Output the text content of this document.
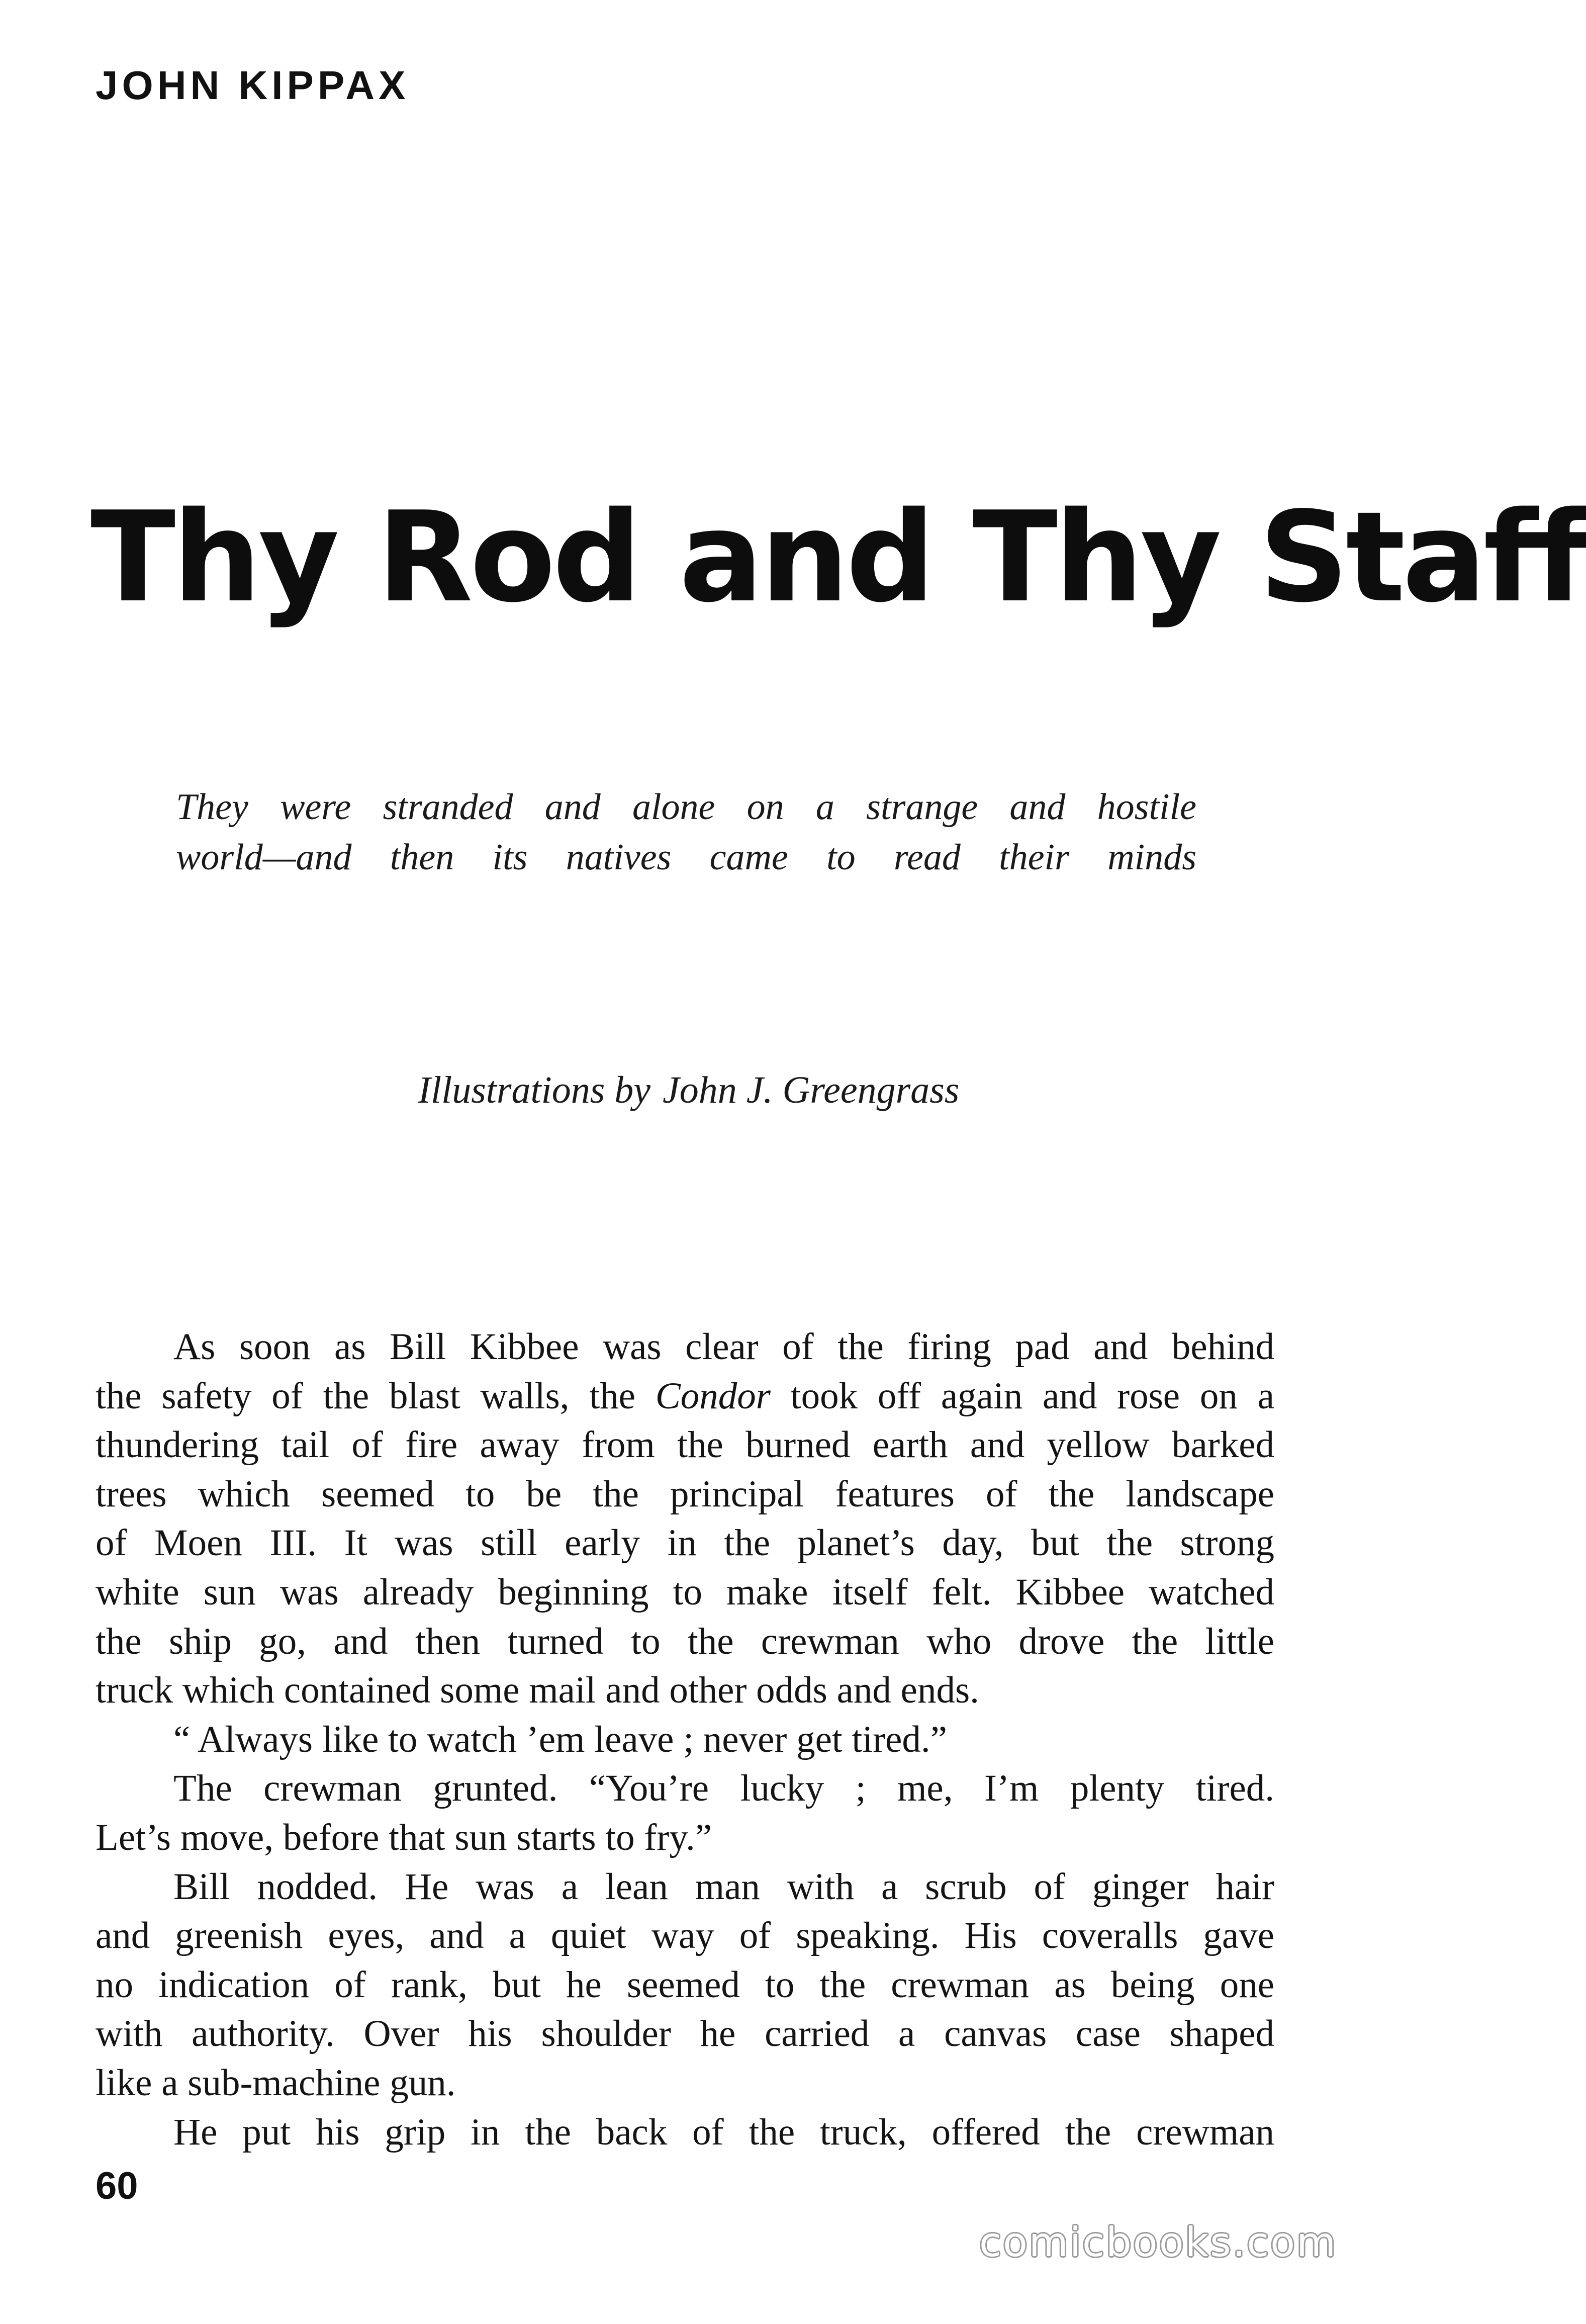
JOHN KIPPAX
Thy Rod and Thy Staff
They were stranded and alone on a strange and hostile
world—and then its natives came to read their minds
Illustrations by John J. Greengrass
As soon as Bill Kibbee was clear of the firing pad and behind
the safety of the blast walls, the Condor took off again and rose on a
thundering tail of fire away from the burned earth and yellow barked
trees which seemed to be the principal features of the landscape
of Moen III. It was still early in the planet’s day, but the strong
white sun was already beginning to make itself felt. Kibbee watched
the ship go, and then turned to the crewman who drove the little
truck which contained some mail and other odds and ends.
“ Always like to watch ’em leave ; never get tired.”
The crewman grunted. “You’re lucky ; me, I’m plenty tired.
Let’s move, before that sun starts to fry.”
Bill nodded. He was a lean man with a scrub of ginger hair
and greenish eyes, and a quiet way of speaking. His coveralls gave
no indication of rank, but he seemed to the crewman as being one
with authority. Over his shoulder he carried a canvas case shaped
like a sub-machine gun.
He put his grip in the back of the truck, offered the crewman
60
comicbooks.com
